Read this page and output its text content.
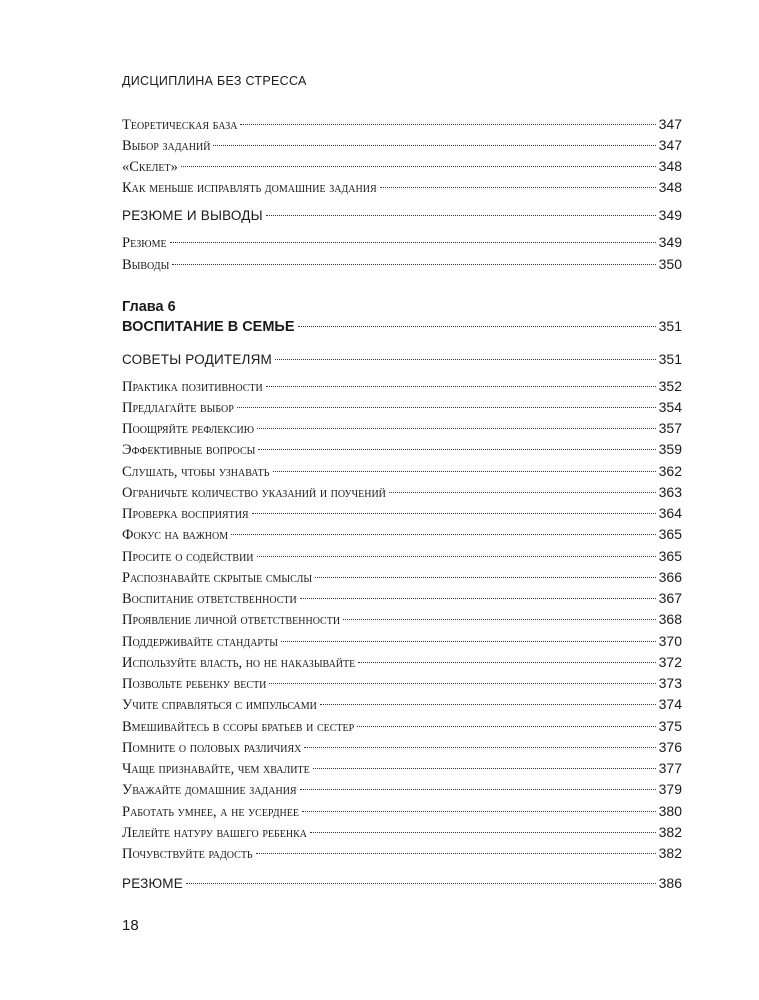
ДИСЦИПЛИНА БЕЗ СТРЕССА
Теоретическая база	347
Выбор заданий	347
«Скелет»	348
Как меньше исправлять домашние задания	348
РЕЗЮМЕ И ВЫВОДЫ	349
Резюме	349
Выводы	350
Глава 6
ВОСПИТАНИЕ В СЕМЬЕ	351
СОВЕТЫ РОДИТЕЛЯМ	351
Практика позитивности	352
Предлагайте выбор	354
Поощряйте рефлексию	357
Эффективные вопросы	359
Слушать, чтобы узнавать	362
Ограничьте количество указаний и поучений	363
Проверка восприятия	364
Фокус на важном	365
Просите о содействии	365
Распознавайте скрытые смыслы	366
Воспитание ответственности	367
Проявление личной ответственности	368
Поддерживайте стандарты	370
Используйте власть, но не наказывайте	372
Позвольте ребенку вести	373
Учите справляться с импульсами	374
Вмешивайтесь в ссоры братьев и сестер	375
Помните о половых различиях	376
Чаще признавайте, чем хвалите	377
Уважайте домашние задания	379
Работать умнее, а не усерднее	380
Лелейте натуру вашего ребенка	382
Почувствуйте радость	382
РЕЗЮМЕ	386
18
